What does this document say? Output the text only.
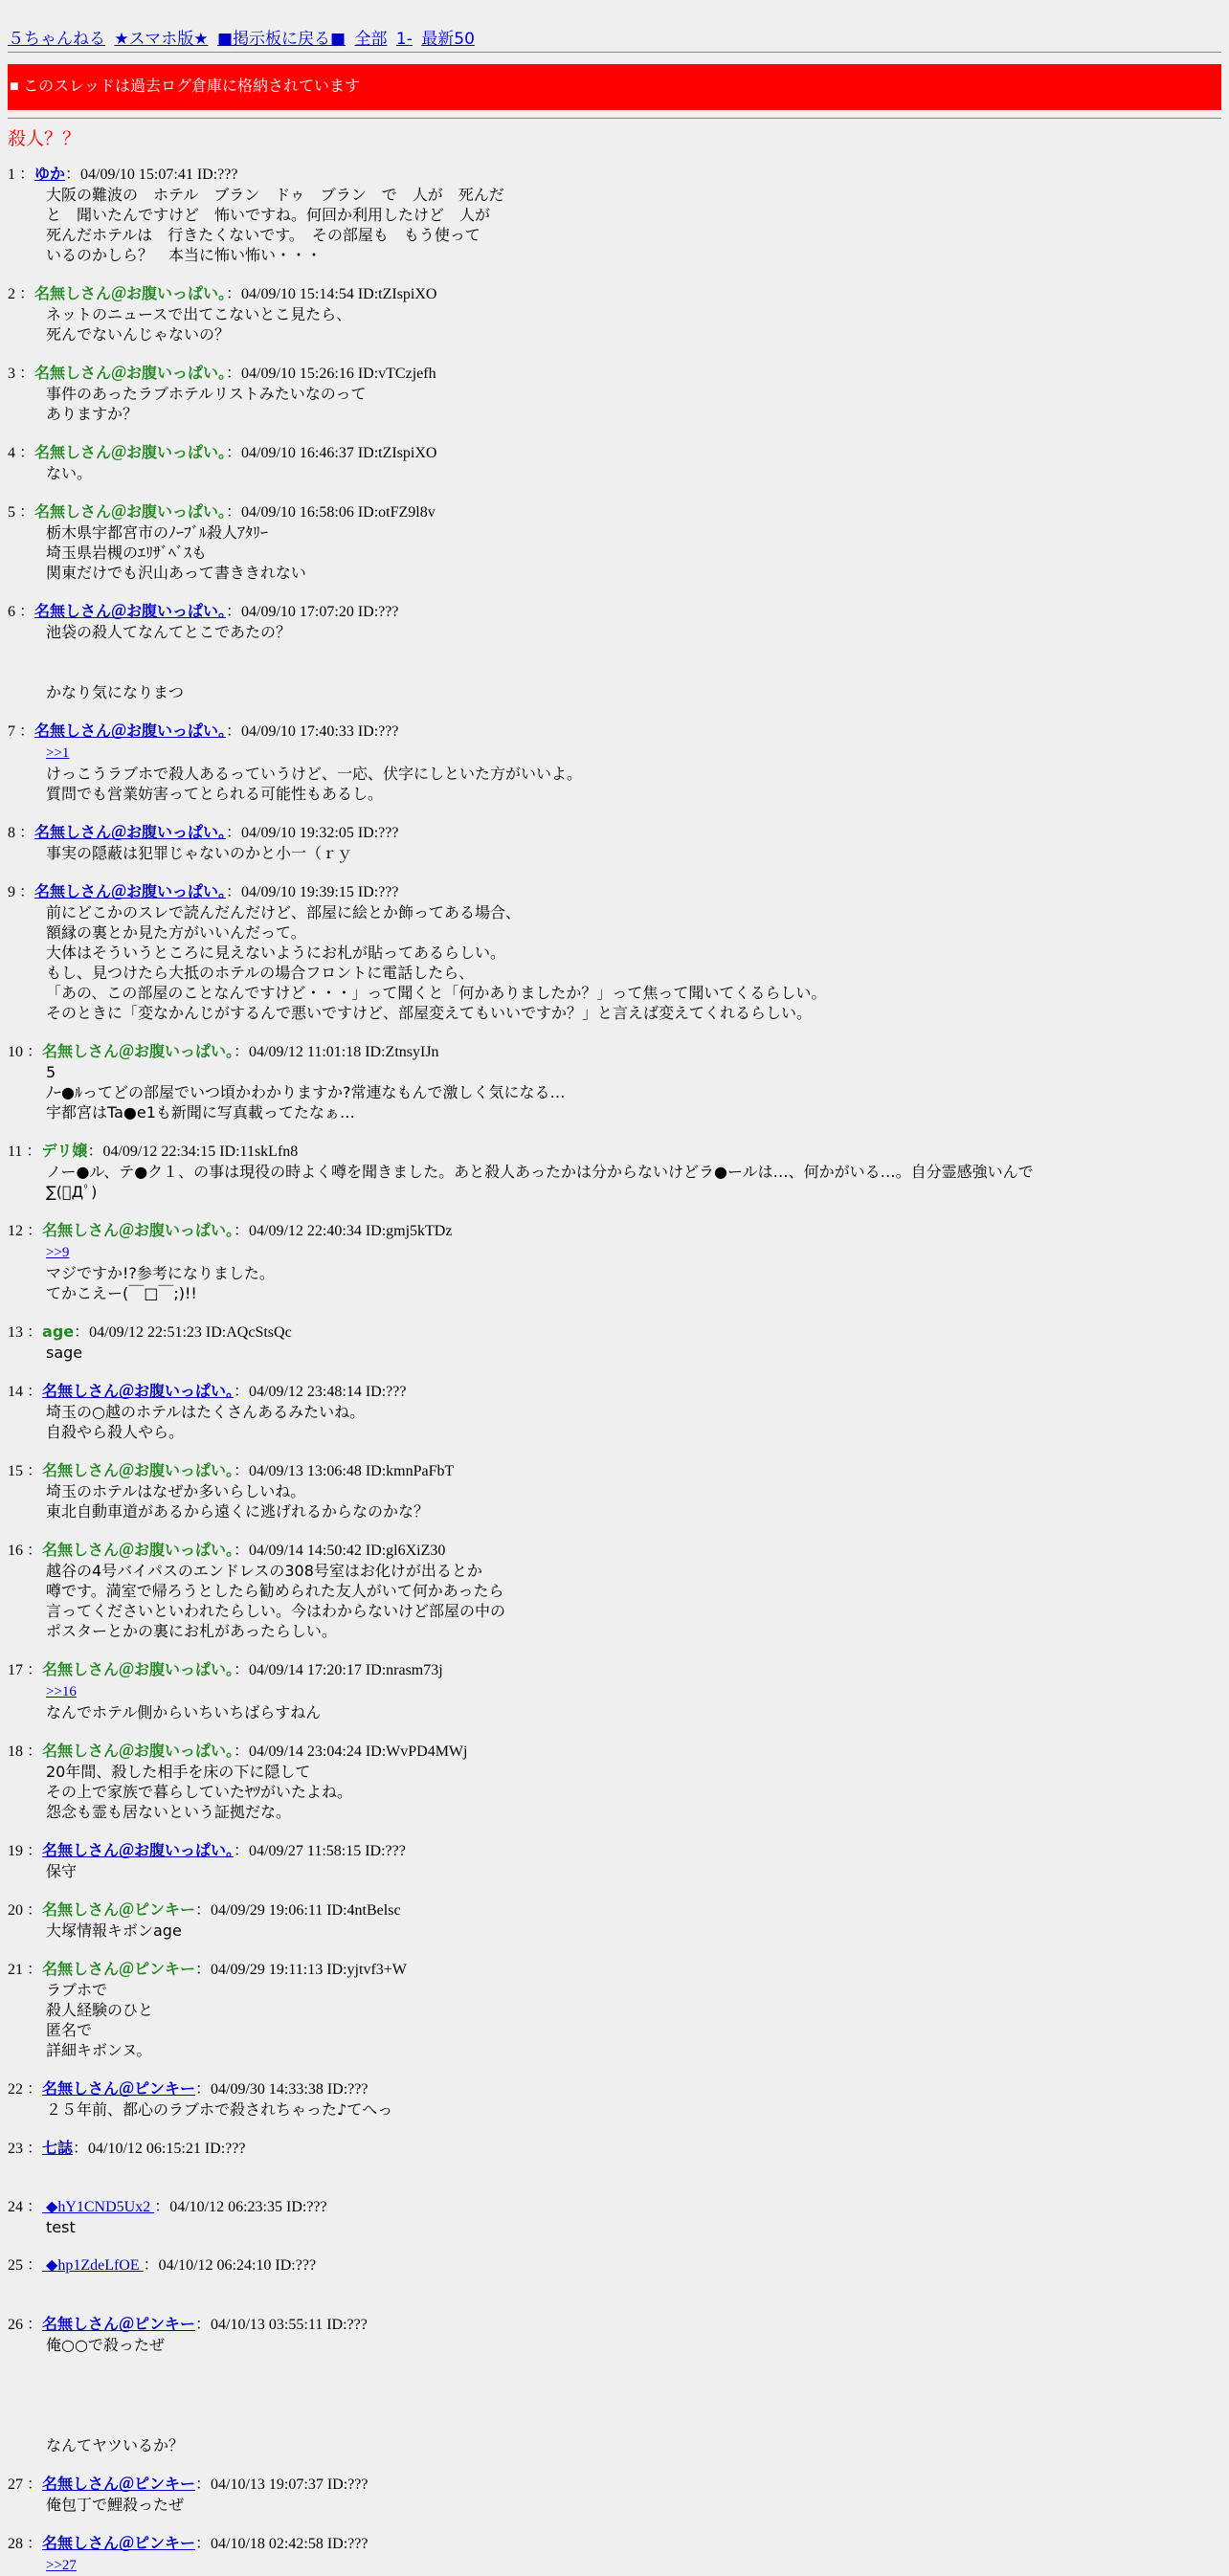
５ちゃんねる ★スマホ版★ ■掲示板に戻る■ 全部 1- 最新50
■ このスレッドは過去ログ倉庫に格納されています
殺人？？
1 ：ゆか：04/09/10 15:07:41 ID:???
大阪の難波の　ホテル　ブラン　ドゥ　ブラン　で　人が　死んだ
と　聞いたんですけど　怖いですね。何回か利用したけど　人が
死んだホテルは　行きたくないです。　その部屋も　もう使って
いるのかしら？　本当に怖い怖い・・・
2 ：名無しさん＠お腹いっぱい。：04/09/10 15:14:54 ID:tZIspiXO
ネットのニュースで出てこないとこ見たら、
死んでないんじゃないの？
3 ：名無しさん＠お腹いっぱい。：04/09/10 15:26:16 ID:vTCzjefh
事件のあったラブホテルリストみたいなのって
ありますか？
4 ：名無しさん＠お腹いっぱい。：04/09/10 16:46:37 ID:tZIspiXO
ない。
5 ：名無しさん＠お腹いっぱい。：04/09/10 16:58:06 ID:otFZ9l8v
栃木県宇都宮市のﾉｰﾌﾞﾙ殺人ｱﾀﾘｰ
埼玉県岩槻のｴﾘｻﾞﾍﾞｽも
関東だけでも沢山あって書ききれない
6 ：名無しさん＠お腹いっぱい。：04/09/10 17:07:20 ID:???
池袋の殺人てなんてとこであたの？

かなり気になりまつ
7 ：名無しさん＠お腹いっぱい。：04/09/10 17:40:33 ID:???
>>1
けっこうラブホで殺人あるっていうけど、一応、伏字にしといた方がいいよ。
質問でも営業妨害ってとられる可能性もあるし。
8 ：名無しさん＠お腹いっぱい。：04/09/10 19:32:05 ID:???
事実の隠蔽は犯罪じゃないのかと小一（ｒｙ
9 ：名無しさん＠お腹いっぱい。：04/09/10 19:39:15 ID:???
前にどこかのスレで読んだんだけど、部屋に絵とか飾ってある場合、
額縁の裏とか見た方がいいんだって。
大体はそういうところに見えないようにお札が貼ってあるらしい。
もし、見つけたら大抵のホテルの場合フロントに電話したら、
「あの、この部屋のことなんですけど・・・」って聞くと「何かありましたか？」って焦って聞いてくるらしい。
そのときに「変なかんじがするんで悪いですけど、部屋変えてもいいですか？」と言えば変えてくれるらしい。
10 ：名無しさん＠お腹いっぱい。：04/09/12 11:01:18 ID:ZtnsyIJn
5
ﾉｰ●ﾙってどの部屋でいつ頃かわかりますか?常連なもんで激しく気になる…
宇都宮はTa●e1も新聞に写真載ってたなぁ…
11 ：デリ嬢：04/09/12 22:34:15 ID:11skLfn8
ノー●ル、テ●ク１、の事は現役の時よく噂を聞きました。あと殺人あったかは分からないけどラ●ールは…、何かがいる…。自分霊感強いんで
∑(ﾟДﾟ)
12 ：名無しさん＠お腹いっぱい。：04/09/12 22:40:34 ID:gmj5kTDz
>>9
マジですか!?参考になりました。
てかこえー(￣□￣;)!!
13 ：age：04/09/12 22:51:23 ID:AQcStsQc
sage
14 ：名無しさん＠お腹いっぱい。：04/09/12 23:48:14 ID:???
埼玉の○越のホテルはたくさんあるみたいね。
自殺やら殺人やら。
15 ：名無しさん＠お腹いっぱい。：04/09/13 13:06:48 ID:kmnPaFbT
埼玉のホテルはなぜか多いらしいね。
東北自動車道があるから遠くに逃げれるからなのかな？
16 ：名無しさん＠お腹いっぱい。：04/09/14 14:50:42 ID:gl6XiZ30
越谷の4号バイパスのエンドレスの308号室はお化けが出るとか
噂です。満室で帰ろうとしたら勧められた友人がいて何かあったら
言ってくださいといわれたらしい。今はわからないけど部屋の中の
ポスターとかの裏にお札があったらしい。
17 ：名無しさん＠お腹いっぱい。：04/09/14 17:20:17 ID:nrasm73j
>>16
なんでホテル側からいちいちばらすねん
18 ：名無しさん＠お腹いっぱい。：04/09/14 23:04:24 ID:WvPD4MWj
20年間、殺した相手を床の下に隠して
その上で家族で暮らしていたﾔﾂがいたよね。
怨念も霊も居ないという証拠だな。
19 ：名無しさん＠お腹いっぱい。：04/09/27 11:58:15 ID:???
保守
20 ：名無しさん＠ピンキー：04/09/29 19:06:11 ID:4ntBelsc
大塚情報キボンage
21 ：名無しさん＠ピンキー：04/09/29 19:11:13 ID:yjtvf3+W
ラブホで
殺人経験のひと
匿名で
詳細キボンヌ。
22 ：名無しさん＠ピンキー：04/09/30 14:33:38 ID:???
２５年前、都心のラブホで殺されちゃった♪てへっ
23 ：七誌：04/10/12 06:15:21 ID:???

24 ： ◆hY1CND5Ux2 ：04/10/12 06:23:35 ID:???
test
25 ： ◆hp1ZdeLfOE ：04/10/12 06:24:10 ID:???

26 ：名無しさん＠ピンキー：04/10/13 03:55:11 ID:???
俺○○で殺ったぜ

なんてヤツいるか？
27 ：名無しさん＠ピンキー：04/10/13 19:07:37 ID:???
俺包丁で鯉殺ったぜ
28 ：名無しさん＠ピンキー：04/10/18 02:42:58 ID:???
>>27
